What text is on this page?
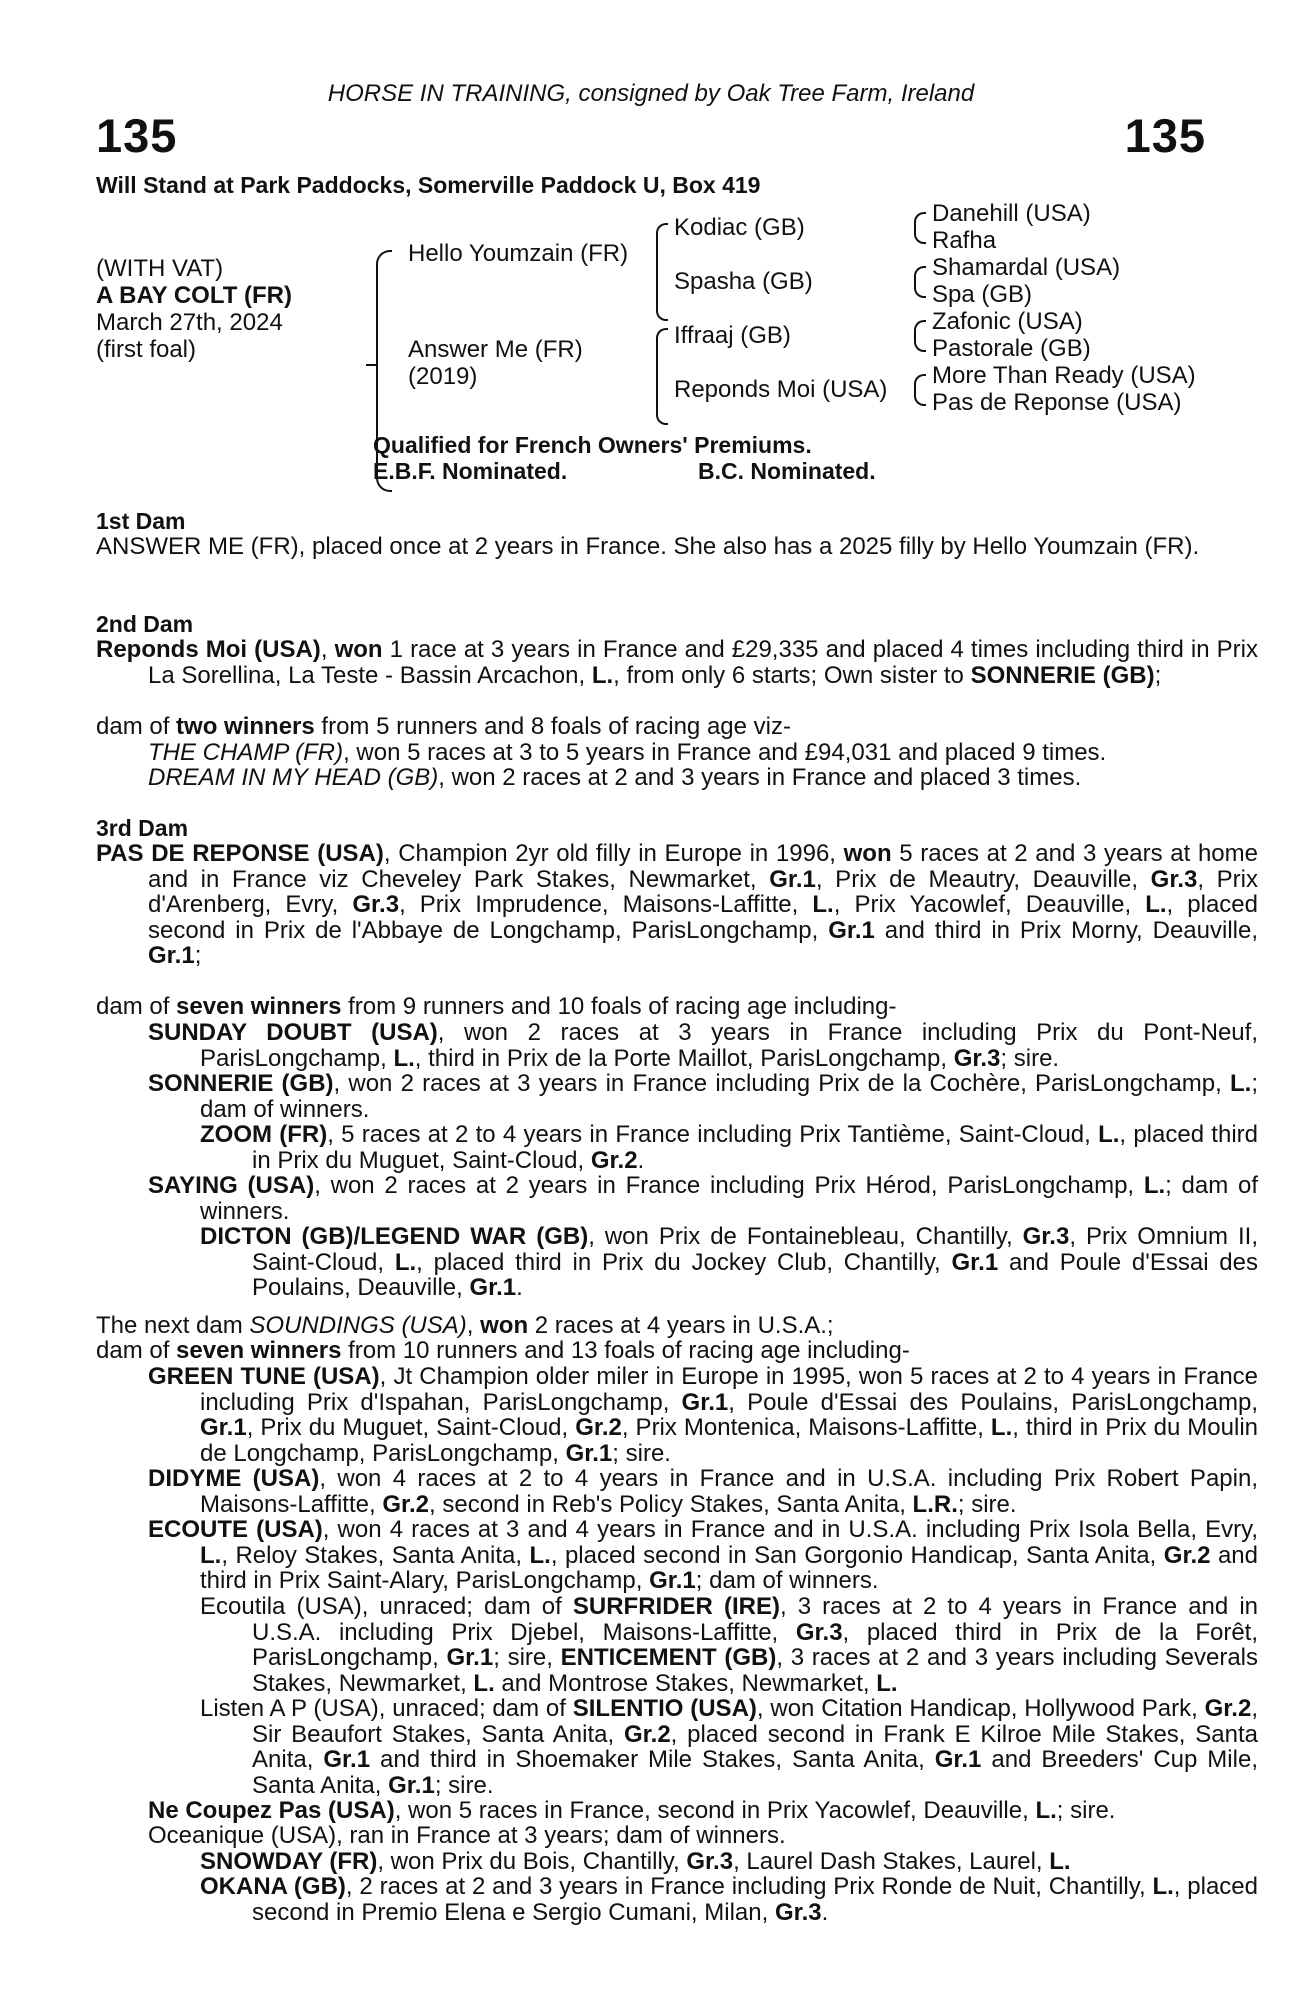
HORSE IN TRAINING, consigned by Oak Tree Farm, Ireland
135	135
Will Stand at Park Paddocks, Somerville Paddock U, Box 419
(WITH VAT)
A BAY COLT (FR)
March 27th, 2024
(first foal)
Hello Youmzain (FR)
Answer Me (FR)
(2019)
Kodiac (GB)
Spasha (GB)
Iffraaj (GB)
Reponds Moi (USA)
Danehill (USA)
Rafha
Shamardal (USA)
Spa (GB)
Zafonic (USA)
Pastorale (GB)
More Than Ready (USA)
Pas de Reponse (USA)
Qualified for French Owners' Premiums.
E.B.F. Nominated.	B.C. Nominated.
1st Dam
ANSWER ME (FR), placed once at 2 years in France. She also has a 2025 filly by Hello Youmzain (FR).
2nd Dam
Reponds Moi (USA), won 1 race at 3 years in France and £29,335 and placed 4 times including third in Prix La Sorellina, La Teste - Bassin Arcachon, L., from only 6 starts; Own sister to SONNERIE (GB);
dam of two winners from 5 runners and 8 foals of racing age viz-
THE CHAMP (FR), won 5 races at 3 to 5 years in France and £94,031 and placed 9 times.
DREAM IN MY HEAD (GB), won 2 races at 2 and 3 years in France and placed 3 times.
3rd Dam
PAS DE REPONSE (USA), Champion 2yr old filly in Europe in 1996, won 5 races at 2 and 3 years at home and in France viz Cheveley Park Stakes, Newmarket, Gr.1, Prix de Meautry, Deauville, Gr.3, Prix d'Arenberg, Evry, Gr.3, Prix Imprudence, Maisons-Laffitte, L., Prix Yacowlef, Deauville, L., placed second in Prix de l'Abbaye de Longchamp, ParisLongchamp, Gr.1 and third in Prix Morny, Deauville, Gr.1;
dam of seven winners from 9 runners and 10 foals of racing age including-
SUNDAY DOUBT (USA), won 2 races at 3 years in France including Prix du Pont-Neuf, ParisLongchamp, L., third in Prix de la Porte Maillot, ParisLongchamp, Gr.3; sire.
SONNERIE (GB), won 2 races at 3 years in France including Prix de la Cochère, ParisLongchamp, L.; dam of winners.
ZOOM (FR), 5 races at 2 to 4 years in France including Prix Tantième, Saint-Cloud, L., placed third in Prix du Muguet, Saint-Cloud, Gr.2.
SAYING (USA), won 2 races at 2 years in France including Prix Hérod, ParisLongchamp, L.; dam of winners.
DICTON (GB)/LEGEND WAR (GB), won Prix de Fontainebleau, Chantilly, Gr.3, Prix Omnium II, Saint-Cloud, L., placed third in Prix du Jockey Club, Chantilly, Gr.1 and Poule d'Essai des Poulains, Deauville, Gr.1.
The next dam SOUNDINGS (USA), won 2 races at 4 years in U.S.A.;
dam of seven winners from 10 runners and 13 foals of racing age including-
GREEN TUNE (USA), Jt Champion older miler in Europe in 1995, won 5 races at 2 to 4 years in France including Prix d'Ispahan, ParisLongchamp, Gr.1, Poule d'Essai des Poulains, ParisLongchamp, Gr.1, Prix du Muguet, Saint-Cloud, Gr.2, Prix Montenica, Maisons-Laffitte, L., third in Prix du Moulin de Longchamp, ParisLongchamp, Gr.1; sire.
DIDYME (USA), won 4 races at 2 to 4 years in France and in U.S.A. including Prix Robert Papin, Maisons-Laffitte, Gr.2, second in Reb's Policy Stakes, Santa Anita, L.R.; sire.
ECOUTE (USA), won 4 races at 3 and 4 years in France and in U.S.A. including Prix Isola Bella, Evry, L., Reloy Stakes, Santa Anita, L., placed second in San Gorgonio Handicap, Santa Anita, Gr.2 and third in Prix Saint-Alary, ParisLongchamp, Gr.1; dam of winners.
Ecoutila (USA), unraced; dam of SURFRIDER (IRE), 3 races at 2 to 4 years in France and in U.S.A. including Prix Djebel, Maisons-Laffitte, Gr.3, placed third in Prix de la Forêt, ParisLongchamp, Gr.1; sire, ENTICEMENT (GB), 3 races at 2 and 3 years including Severals Stakes, Newmarket, L. and Montrose Stakes, Newmarket, L.
Listen A P (USA), unraced; dam of SILENTIO (USA), won Citation Handicap, Hollywood Park, Gr.2, Sir Beaufort Stakes, Santa Anita, Gr.2, placed second in Frank E Kilroe Mile Stakes, Santa Anita, Gr.1 and third in Shoemaker Mile Stakes, Santa Anita, Gr.1 and Breeders' Cup Mile, Santa Anita, Gr.1; sire.
Ne Coupez Pas (USA), won 5 races in France, second in Prix Yacowlef, Deauville, L.; sire.
Oceanique (USA), ran in France at 3 years; dam of winners.
SNOWDAY (FR), won Prix du Bois, Chantilly, Gr.3, Laurel Dash Stakes, Laurel, L.
OKANA (GB), 2 races at 2 and 3 years in France including Prix Ronde de Nuit, Chantilly, L., placed second in Premio Elena e Sergio Cumani, Milan, Gr.3.
